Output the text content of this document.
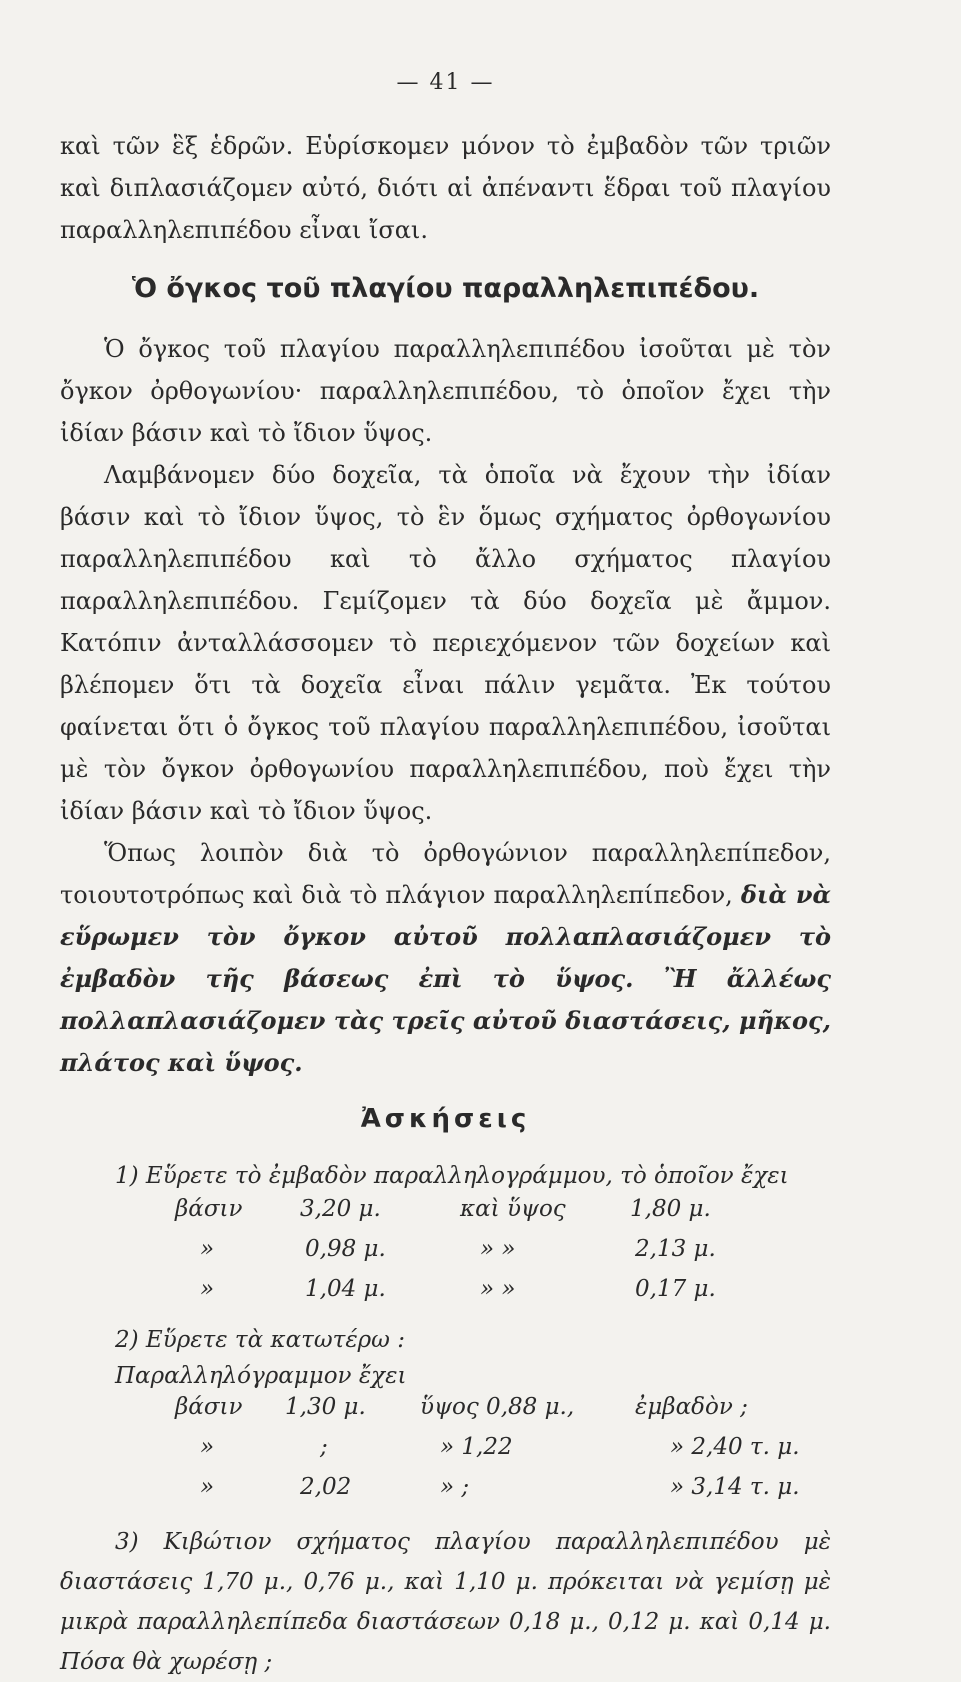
— 41 —

καὶ τῶν ἓξ ἑδρῶν. Εὑρίσκομεν μόνον τὸ ἐμβαδὸν τῶν τριῶν καὶ διπλασιάζομεν αὐτό, διότι αἱ ἀπέναντι ἕδραι τοῦ πλαγίου παραλληλεπιπέδου εἶναι ἴσαι.

Ὁ ὄγκος τοῦ πλαγίου παραλληλεπιπέδου.

Ὁ ὄγκος τοῦ πλαγίου παραλληλεπιπέδου ἰσοῦται μὲ τὸν ὄγκον ὀρθογωνίου· παραλληλεπιπέδου, τὸ ὁποῖον ἔχει τὴν ἰδίαν βάσιν καὶ τὸ ἴδιον ὕψος.

Λαμβάνομεν δύο δοχεῖα, τὰ ὁποῖα νὰ ἔχουν τὴν ἰδίαν βάσιν καὶ τὸ ἴδιον ὕψος, τὸ ἓν ὅμως σχήματος ὀρθογωνίου παραλληλεπιπέδου καὶ τὸ ἄλλο σχήματος πλαγίου παραλληλεπιπέδου. Γεμίζομεν τὰ δύο δοχεῖα μὲ ἄμμον. Κατόπιν ἀνταλλάσσομεν τὸ περιεχόμενον τῶν δοχείων καὶ βλέπομεν ὅτι τὰ δοχεῖα εἶναι πάλιν γεμᾶτα. Ἐκ τούτου φαίνεται ὅτι ὁ ὄγκος τοῦ πλαγίου παραλληλεπιπέδου, ἰσοῦται μὲ τὸν ὄγκον ὀρθογωνίου παραλληλεπιπέδου, ποὺ ἔχει τὴν ἰδίαν βάσιν καὶ τὸ ἴδιον ὕψος.

Ὅπως λοιπὸν διὰ τὸ ὀρθογώνιον παραλληλεπίπεδον, τοιουτοτρόπως καὶ διὰ τὸ πλάγιον παραλληλεπίπεδον, διὰ νὰ εὕρωμεν τὸν ὄγκον αὐτοῦ πολλαπλασιάζομεν τὸ ἐμβαδὸν τῆς βάσεως ἐπὶ τὸ ὕψος. Ἢ ἄλλέως πολλαπλασιάζομεν τὰς τρεῖς αὐτοῦ διαστάσεις, μῆκος, πλάτος καὶ ὕψος.

Ἀσκήσεις
1) Εὕρετε τὸ ἐμβαδὸν παραλληλογράμμου, τὸ ὁποῖον ἔχει
βάσιν 3,20 μ.	καὶ ὕψος	1,80 μ.
»	0,98 μ.	» »	2,13 μ.
»	1,04 μ.	» »	0,17 μ.
2) Εὕρετε τὰ κατωτέρω :
Παραλληλόγραμμον ἔχει
βάσιν 1,30 μ. ὕψος 0,88 μ.,	ἐμβαδὸν ;
»	;	» 1,22	» 2,40 τ. μ.
»	2,02	» ;	» 3,14 τ. μ.

3) Κιβώτιον σχήματος πλαγίου παραλληλεπιπέδου μὲ διαστάσεις 1,70 μ., 0,76 μ., καὶ 1,10 μ. πρόκειται νὰ γεμίσῃ μὲ μικρὰ παραλληλεπίπεδα διαστάσεων 0,18 μ., 0,12 μ. καὶ 0,14 μ. Πόσα θὰ χωρέσῃ ;
